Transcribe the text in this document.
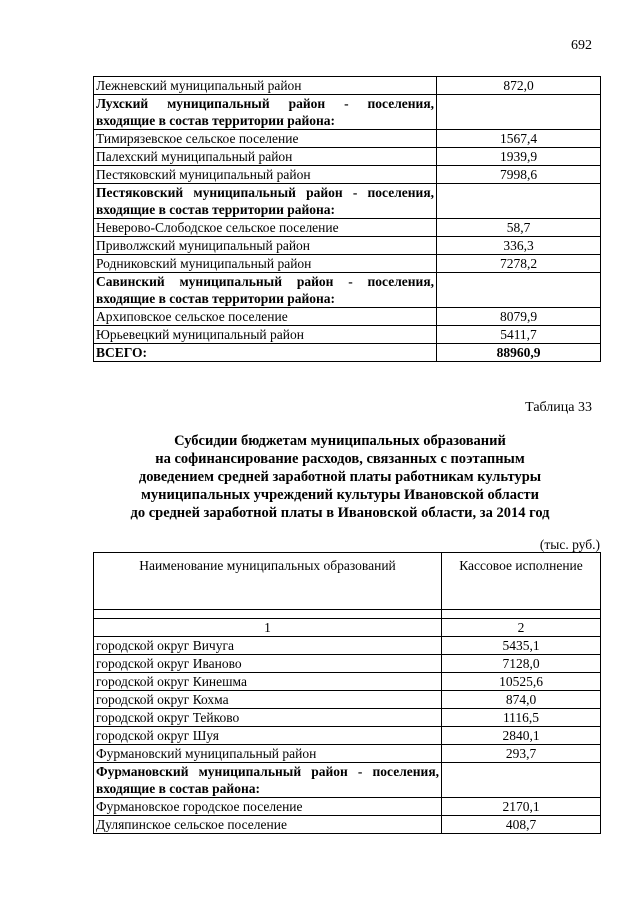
692
Лежневский муниципальный район	872,0
Лухский муниципальный район - поселения, входящие в состав территории района:	
Тимирязевское сельское поселение	1567,4
Палехский муниципальный район	1939,9
Пестяковский муниципальный район	7998,6
Пестяковский муниципальный район - поселения, входящие в состав территории района:	
Неверово-Слободское сельское поселение	58,7
Приволжский муниципальный район	336,3
Родниковский муниципальный район	7278,2
Савинский муниципальный район - поселения, входящие в состав территории района:	
Архиповское сельское поселение	8079,9
Юрьевецкий муниципальный район	5411,7
ВСЕГО:	88960,9
Таблица 33
Субсидии бюджетам муниципальных образований
на софинансирование расходов, связанных с поэтапным
доведением средней заработной платы работникам культуры
муниципальных учреждений культуры Ивановской области
до средней заработной платы в Ивановской области, за 2014 год
(тыс. руб.)
Наименование муниципальных образований	Кассовое исполнение

1	2
городской округ Вичуга	5435,1
городской округ Иваново	7128,0
городской округ Кинешма	10525,6
городской округ Кохма	874,0
городской округ Тейково	1116,5
городской округ Шуя	2840,1
Фурмановский муниципальный район	293,7
Фурмановский муниципальный район - поселения, входящие в состав района:	
Фурмановское городское поселение	2170,1
Дуляпинское сельское поселение	408,7
